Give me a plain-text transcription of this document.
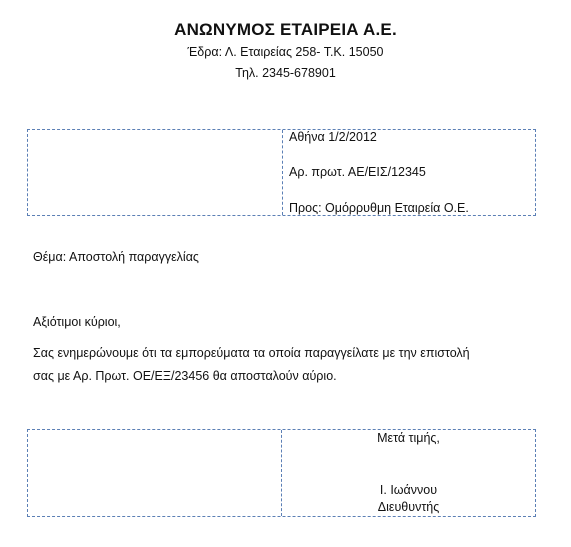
ΑΝΩΝΥΜΟΣ ΕΤΑΙΡΕΙΑ Α.Ε.
Έδρα: Λ. Εταιρείας 258- Τ.Κ. 15050
Τηλ. 2345-678901
Αθήνα 1/2/2012
Αρ. πρωτ. ΑΕ/ΕΙΣ/12345
Προς: Ομόρρυθμη Εταιρεία Ο.Ε.
Θέμα: Αποστολή παραγγελίας
Αξιότιμοι κύριοι,
Σας ενημερώνουμε ότι τα εμπορεύματα τα οποία παραγγείλατε με την επιστολή
σας με Αρ. Πρωτ. ΟΕ/ΕΞ/23456 θα αποσταλούν αύριο.
Μετά τιμής,
Ι. Ιωάννου
Διευθυντής
